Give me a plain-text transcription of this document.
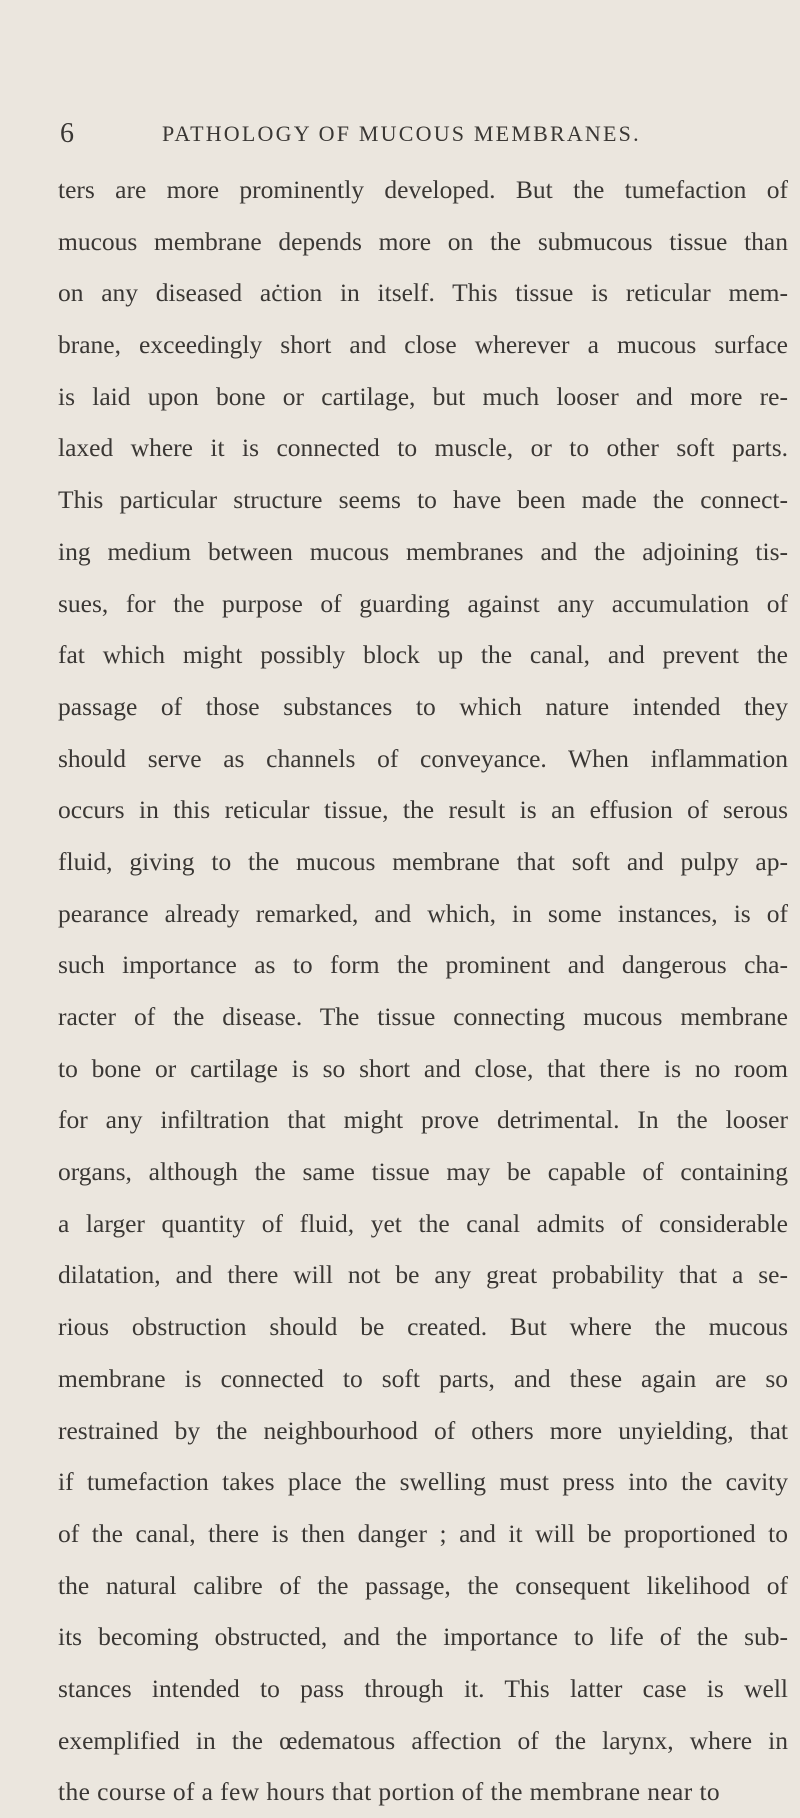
6	PATHOLOGY OF MUCOUS MEMBRANES.
ters are more prominently developed. But the tumefaction of
mucous membrane depends more on the submucous tissue than
on any diseased aċtion in itself. This tissue is reticular mem-
brane, exceedingly short and close wherever a mucous surface
is laid upon bone or cartilage, but much looser and more re-
laxed where it is connected to muscle, or to other soft parts.
This particular structure seems to have been made the connect-
ing medium between mucous membranes and the adjoining tis-
sues, for the purpose of guarding against any accumulation of
fat which might possibly block up the canal, and prevent the
passage of those substances to which nature intended they
should serve as channels of conveyance. When inflammation
occurs in this reticular tissue, the result is an effusion of serous
fluid, giving to the mucous membrane that soft and pulpy ap-
pearance already remarked, and which, in some instances, is of
such importance as to form the prominent and dangerous cha-
racter of the disease. The tissue connecting mucous membrane
to bone or cartilage is so short and close, that there is no room
for any infiltration that might prove detrimental. In the looser
organs, although the same tissue may be capable of containing
a larger quantity of fluid, yet the canal admits of considerable
dilatation, and there will not be any great probability that a se-
rious obstruction should be created. But where the mucous
membrane is connected to soft parts, and these again are so
restrained by the neighbourhood of others more unyielding, that
if tumefaction takes place the swelling must press into the cavity
of the canal, there is then danger ; and it will be proportioned to
the natural calibre of the passage, the consequent likelihood of
its becoming obstructed, and the importance to life of the sub-
stances intended to pass through it. This latter case is well
exemplified in the œdematous affection of the larynx, where in
the course of a few hours that portion of the membrane near to
